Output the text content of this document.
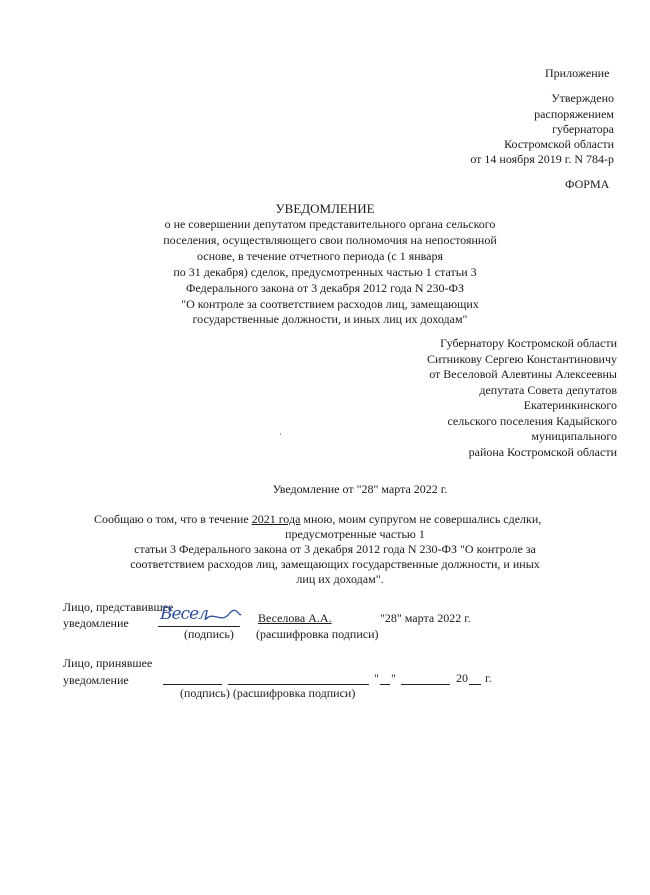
Приложение
Утверждено
распоряжением
губернатора
Костромской области
от 14 ноября 2019 г. N 784-р
ФОРМА
УВЕДОМЛЕНИЕ
о не совершении депутатом представительного органа сельского
поселения, осуществляющего свои полномочия на непостоянной
основе, в течение отчетного периода (с 1 января
по 31 декабря) сделок, предусмотренных частью 1 статьи 3
Федерального закона от 3 декабря 2012 года N 230-ФЗ
"О контроле за соответствием расходов лиц, замещающих
государственные должности, и иных лиц их доходам"
Губернатору Костромской области
Ситникову Сергею Константиновичу
от Веселовой Алевтины Алексеевны
депутата Совета депутатов
Екатеринкинского
сельского поселения Кадыйского
муниципального
района Костромской области
Уведомление от "28" марта 2022 г.
Сообщаю о том, что в течение 2021 года мною, моим супругом не совершались сделки,
предусмотренные частью 1
статьи 3 Федерального закона от 3 декабря 2012 года N 230-ФЗ "О контроле за
соответствием расходов лиц, замещающих государственные должности, и иных
лиц их доходам".
Лицо, представившее
уведомление Весел	Веселова А.А.	"28" марта 2022 г.
(подпись) (расшифровка подписи)
Лицо, принявшее
уведомление	" "	20 г.
(подпись) (расшифровка подписи)
ʾ
